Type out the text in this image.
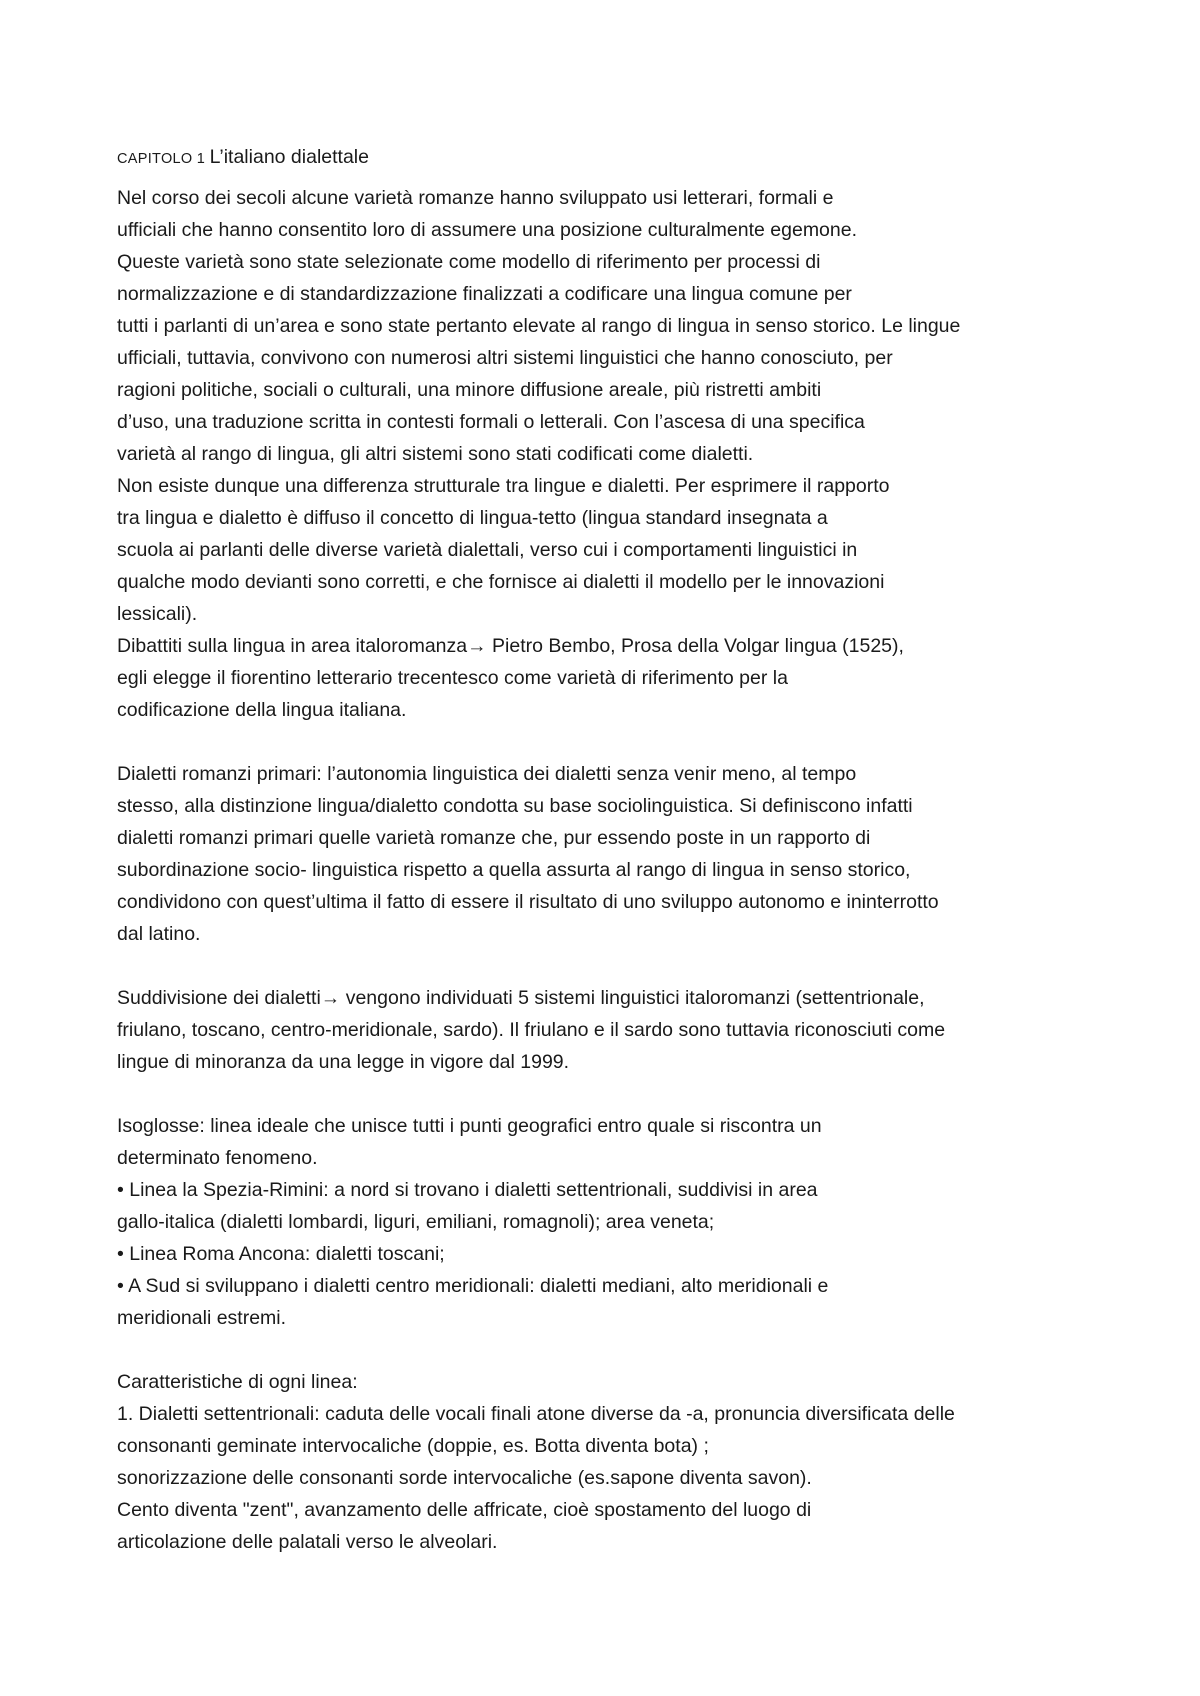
CAPITOLO 1 L’italiano dialettale
Nel corso dei secoli alcune varietà romanze hanno sviluppato usi letterari, formali e
ufficiali che hanno consentito loro di assumere una posizione culturalmente egemone.
Queste varietà sono state selezionate come modello di riferimento per processi di
normalizzazione e di standardizzazione finalizzati a codificare una lingua comune per
tutti i parlanti di un’area e sono state pertanto elevate al rango di lingua in senso storico. Le lingue
ufficiali, tuttavia, convivono con numerosi altri sistemi linguistici che hanno conosciuto, per
ragioni politiche, sociali o culturali, una minore diffusione areale, più ristretti ambiti
d’uso, una traduzione scritta in contesti formali o letterali. Con l’ascesa di una specifica
varietà al rango di lingua, gli altri sistemi sono stati codificati come dialetti.
Non esiste dunque una differenza strutturale tra lingue e dialetti. Per esprimere il rapporto
tra lingua e dialetto è diffuso il concetto di lingua-tetto (lingua standard insegnata a
scuola ai parlanti delle diverse varietà dialettali, verso cui i comportamenti linguistici in
qualche modo devianti sono corretti, e che fornisce ai dialetti il modello per le innovazioni
lessicali).
Dibattiti sulla lingua in area italoromanza→ Pietro Bembo, Prosa della Volgar lingua (1525),
egli elegge il fiorentino letterario trecentesco come varietà di riferimento per la
codificazione della lingua italiana.
Dialetti romanzi primari: l’autonomia linguistica dei dialetti senza venir meno, al tempo
stesso, alla distinzione lingua/dialetto condotta su base sociolinguistica. Si definiscono infatti
dialetti romanzi primari quelle varietà romanze che, pur essendo poste in un rapporto di
subordinazione socio- linguistica rispetto a quella assurta al rango di lingua in senso storico,
condividono con quest’ultima il fatto di essere il risultato di uno sviluppo autonomo e ininterrotto
dal latino.
Suddivisione dei dialetti→ vengono individuati 5 sistemi linguistici italoromanzi (settentrionale,
friulano, toscano, centro-meridionale, sardo). Il friulano e il sardo sono tuttavia riconosciuti come
lingue di minoranza da una legge in vigore dal 1999.
Isoglosse: linea ideale che unisce tutti i punti geografici entro quale si riscontra un
determinato fenomeno.
• Linea la Spezia-Rimini: a nord si trovano i dialetti settentrionali, suddivisi in area
gallo-italica (dialetti lombardi, liguri, emiliani, romagnoli); area veneta;
• Linea Roma Ancona: dialetti toscani;
• A Sud si sviluppano i dialetti centro meridionali: dialetti mediani, alto meridionali e
meridionali estremi.
Caratteristiche di ogni linea:
1. Dialetti settentrionali: caduta delle vocali finali atone diverse da -a, pronuncia diversificata delle
consonanti geminate intervocaliche (doppie, es. Botta diventa bota) ;
sonorizzazione delle consonanti sorde intervocaliche (es.sapone diventa savon).
Cento diventa "zent", avanzamento delle affricate, cioè spostamento del luogo di
articolazione delle palatali verso le alveolari.
